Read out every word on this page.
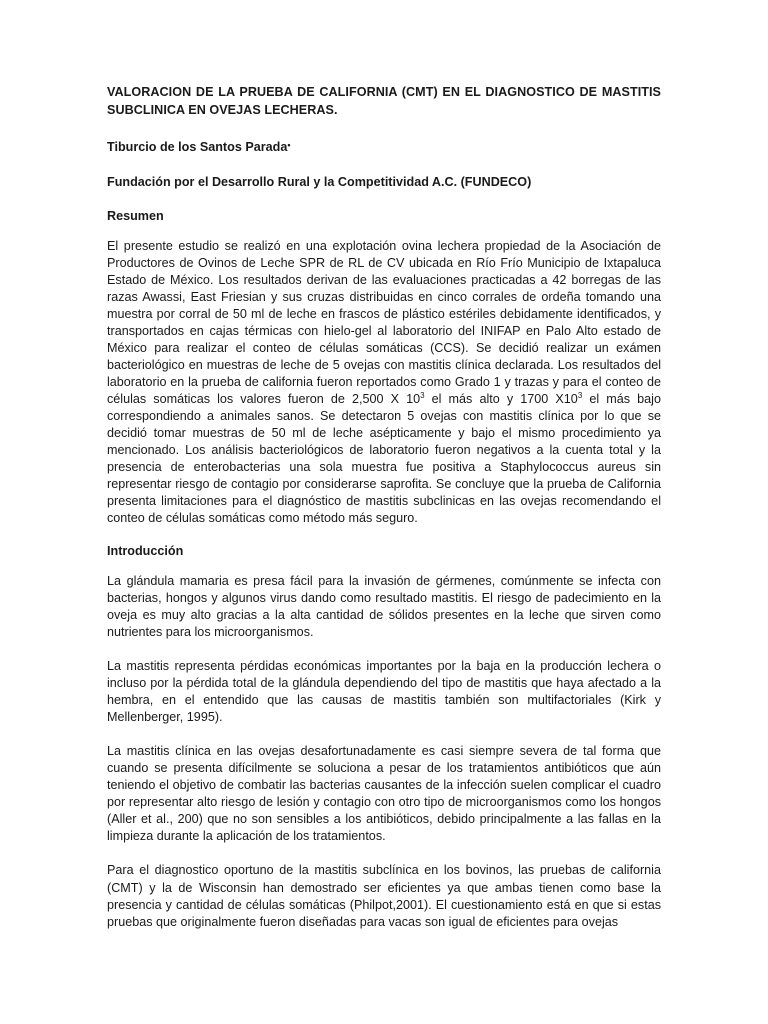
VALORACION DE LA PRUEBA DE CALIFORNIA (CMT) EN EL DIAGNOSTICO DE MASTITIS SUBCLINICA EN OVEJAS LECHERAS.
Tiburcio de los Santos Parada•
Fundación por el Desarrollo Rural y la Competitividad A.C. (FUNDECO)
Resumen

El presente estudio se realizó en una explotación ovina lechera propiedad de la Asociación de Productores de Ovinos de Leche SPR de RL de CV ubicada en Río Frío Municipio de Ixtapaluca Estado de México. Los resultados derivan de las evaluaciones practicadas a 42 borregas de las razas Awassi, East Friesian y sus cruzas distribuidas en cinco corrales de ordeña tomando una muestra por corral de 50 ml de leche en frascos de plástico estériles debidamente identificados, y transportados en cajas térmicas con hielo-gel al laboratorio del INIFAP en Palo Alto estado de México para realizar el conteo de células somáticas (CCS). Se decidió realizar un exámen bacteriológico en muestras de leche de 5 ovejas con mastitis clínica declarada. Los resultados del laboratorio en la prueba de california fueron reportados como Grado 1 y trazas y para el conteo de células somáticas los valores fueron de 2,500 X $10^3$ el más alto y 1700 $X10^3$ el más bajo correspondiendo a animales sanos. Se detectaron 5 ovejas con mastitis clínica por lo que se decidió tomar muestras de 50 ml de leche asépticamente y bajo el mismo procedimiento ya mencionado. Los análisis bacteriológicos de laboratorio fueron negativos a la cuenta total y la presencia de enterobacterias una sola muestra fue positiva a Staphylococcus aureus sin representar riesgo de contagio por considerarse saprofita. Se concluye que la prueba de California presenta limitaciones para el diagnóstico de mastitis subclinicas en las ovejas recomendando el conteo de células somáticas como método más seguro.

Introducción

La glándula mamaria es presa fácil para la invasión de gérmenes, comúnmente se infecta con bacterias, hongos y algunos virus dando como resultado mastitis. El riesgo de padecimiento en la oveja es muy alto gracias a la alta cantidad de sólidos presentes en la leche que sirven como nutrientes para los microorganismos.

La mastitis representa pérdidas económicas importantes por la baja en la producción lechera o incluso por la pérdida total de la glándula dependiendo del tipo de mastitis que haya afectado a la hembra, en el entendido que las causas de mastitis también son multifactoriales (Kirk y Mellenberger, 1995).

La mastitis clínica en las ovejas desafortunadamente es casi siempre severa de tal forma que cuando se presenta difícilmente se soluciona a pesar de los tratamientos antibióticos que aún teniendo el objetivo de combatir las bacterias causantes de la infección suelen complicar el cuadro por representar alto riesgo de lesión y contagio con otro tipo de microorganismos como los hongos (Aller et al., 200) que no son sensibles a los antibióticos, debido principalmente a las fallas en la limpieza durante la aplicación de los tratamientos.

Para el diagnostico oportuno de la mastitis subclínica en los bovinos, las pruebas de california (CMT) y la de Wisconsin han demostrado ser eficientes ya que ambas tienen como base la presencia y cantidad de células somáticas (Philpot,2001). El cuestionamiento está en que si estas pruebas que originalmente fueron diseñadas para vacas son igual de eficientes para ovejas
